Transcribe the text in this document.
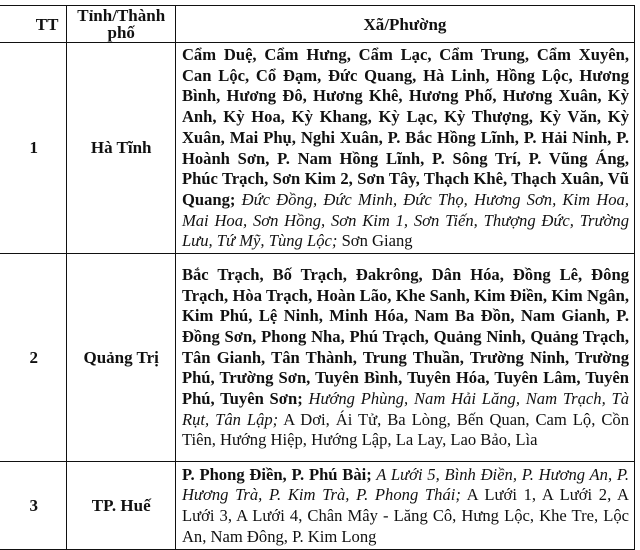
TT	Tỉnh/Thành phố	Xã/Phường
1	Hà Tĩnh	Cẩm Duệ, Cẩm Hưng, Cẩm Lạc, Cẩm Trung, Cẩm Xuyên, Can Lộc, Cổ Đạm, Đức Quang, Hà Linh, Hồng Lộc, Hương Bình, Hương Đô, Hương Khê, Hương Phố, Hương Xuân, Kỳ Anh, Kỳ Hoa, Kỳ Khang, Kỳ Lạc, Kỳ Thượng, Kỳ Văn, Kỳ Xuân, Mai Phụ, Nghi Xuân, P. Bắc Hồng Lĩnh, P. Hải Ninh, P. Hoành Sơn, P. Nam Hồng Lĩnh, P. Sông Trí, P. Vũng Áng, Phúc Trạch, Sơn Kim 2, Sơn Tây, Thạch Khê, Thạch Xuân, Vũ Quang; Đức Đồng, Đức Minh, Đức Thọ, Hương Sơn, Kim Hoa, Mai Hoa, Sơn Hồng, Sơn Kim 1, Sơn Tiến, Thượng Đức, Trường Lưu, Tứ Mỹ, Tùng Lộc; Sơn Giang
2	Quảng Trị	Bắc Trạch, Bố Trạch, Đakrông, Dân Hóa, Đồng Lê, Đông Trạch, Hòa Trạch, Hoàn Lão, Khe Sanh, Kim Điền, Kim Ngân, Kim Phú, Lệ Ninh, Minh Hóa, Nam Ba Đồn, Nam Gianh, P. Đồng Sơn, Phong Nha, Phú Trạch, Quảng Ninh, Quảng Trạch, Tân Gianh, Tân Thành, Trung Thuần, Trường Ninh, Trường Phú, Trường Sơn, Tuyên Bình, Tuyên Hóa, Tuyên Lâm, Tuyên Phú, Tuyên Sơn; Hướng Phùng, Nam Hải Lăng, Nam Trạch, Tà Rụt, Tân Lập; A Dơi, Ái Tử, Ba Lòng, Bến Quan, Cam Lộ, Cồn Tiên, Hướng Hiệp, Hướng Lập, La Lay, Lao Bảo, Lìa
3	TP. Huế	P. Phong Điền, P. Phú Bài; A Lưới 5, Bình Điền, P. Hương An, P. Hương Trà, P. Kim Trà, P. Phong Thái; A Lưới 1, A Lưới 2, A Lưới 3, A Lưới 4, Chân Mây - Lăng Cô, Hưng Lộc, Khe Tre, Lộc An, Nam Đông, P. Kim Long
